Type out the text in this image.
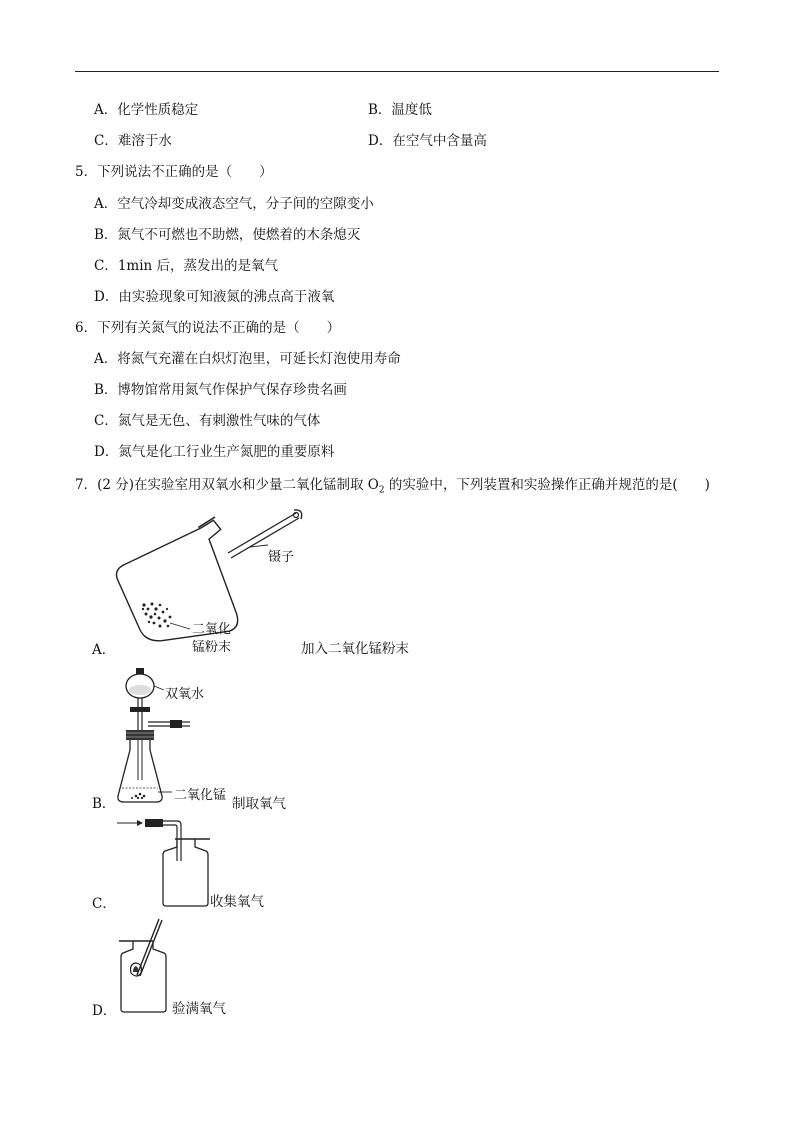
A．化学性质稳定	B．温度低
C．难溶于水	D．在空气中含量高
5．下列说法不正确的是（　　）
A．空气冷却变成液态空气，分子间的空隙变小
B．氮气不可燃也不助燃，使燃着的木条熄灭
C．1min 后，蒸发出的是氧气
D．由实验现象可知液氮的沸点高于液氧
6．下列有关氮气的说法不正确的是（　　）
A．将氮气充灌在白炽灯泡里，可延长灯泡使用寿命
B．博物馆常用氮气作保护气保存珍贵名画
C．氮气是无色、有刺激性气味的气体
D．氮气是化工行业生产氮肥的重要原料
7．(2 分)在实验室用双氧水和少量二氧化锰制取 $O_2$ 的实验中，下列装置和实验操作正确并规范的是(　　)
镊子
二氧化
锰粉末
A．	加入二氧化锰粉末
双氧水
二氧化锰
B．	制取氧气
C．	收集氧气
D．	验满氧气
